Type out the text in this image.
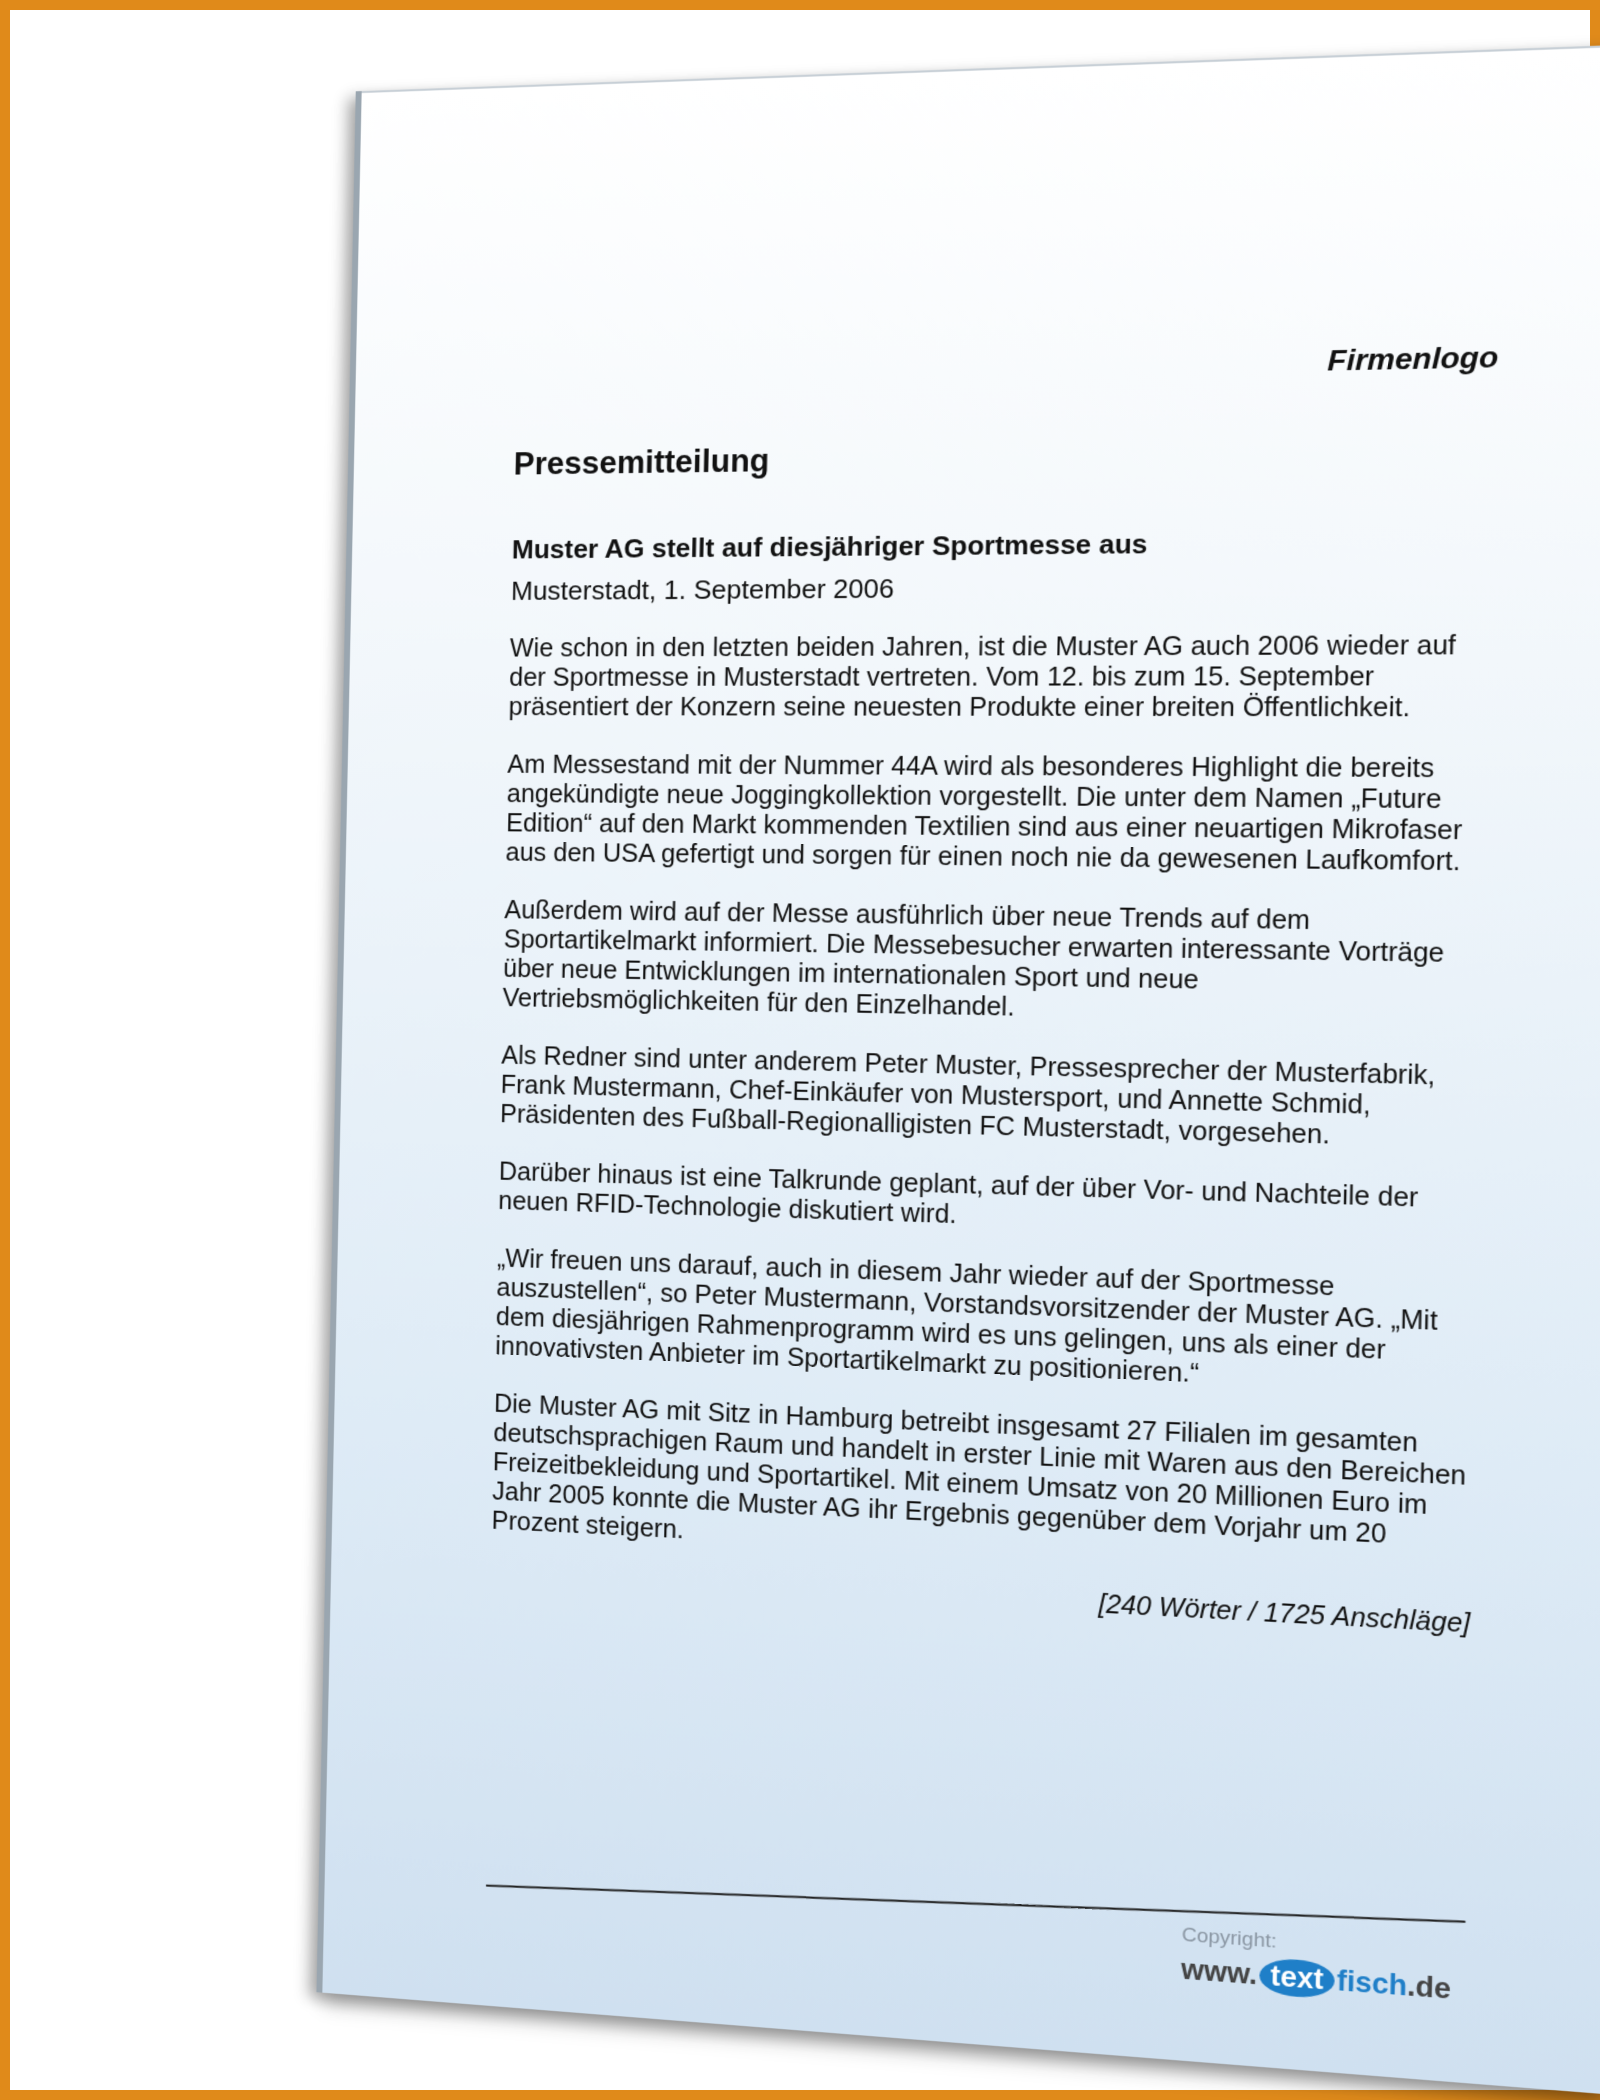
Firmenlogo
Pressemitteilung
Muster AG stellt auf diesjähriger Sportmesse aus
Musterstadt, 1. September 2006

Wie schon in den letzten beiden Jahren, ist die Muster AG auch 2006 wieder auf der Sportmesse in Musterstadt vertreten. Vom 12. bis zum 15. September präsentiert der Konzern seine neuesten Produkte einer breiten Öffentlichkeit.

Am Messestand mit der Nummer 44A wird als besonderes Highlight die bereits angekündigte neue Joggingkollektion vorgestellt. Die unter dem Namen „Future Edition“ auf den Markt kommenden Textilien sind aus einer neuartigen Mikrofaser aus den USA gefertigt und sorgen für einen noch nie da gewesenen Laufkomfort.

Außerdem wird auf der Messe ausführlich über neue Trends auf dem Sportartikelmarkt informiert. Die Messebesucher erwarten interessante Vorträge über neue Entwicklungen im internationalen Sport und neue Vertriebsmöglichkeiten für den Einzelhandel.

Als Redner sind unter anderem Peter Muster, Pressesprecher der Musterfabrik, Frank Mustermann, Chef-Einkäufer von Mustersport, und Annette Schmid, Präsidenten des Fußball-Regionalligisten FC Musterstadt, vorgesehen.

Darüber hinaus ist eine Talkrunde geplant, auf der über Vor- und Nachteile der neuen RFID-Technologie diskutiert wird.

„Wir freuen uns darauf, auch in diesem Jahr wieder auf der Sportmesse auszustellen“, so Peter Mustermann, Vorstandsvorsitzender der Muster AG. „Mit dem diesjährigen Rahmenprogramm wird es uns gelingen, uns als einer der innovativsten Anbieter im Sportartikelmarkt zu positionieren.“

Die Muster AG mit Sitz in Hamburg betreibt insgesamt 27 Filialen im gesamten deutschsprachigen Raum und handelt in erster Linie mit Waren aus den Bereichen Freizeitbekleidung und Sportartikel. Mit einem Umsatz von 20 Millionen Euro im Jahr 2005 konnte die Muster AG ihr Ergebnis gegenüber dem Vorjahr um 20 Prozent steigern.

[240 Wörter / 1725 Anschläge]
Copyright:
www. text fisch .de
